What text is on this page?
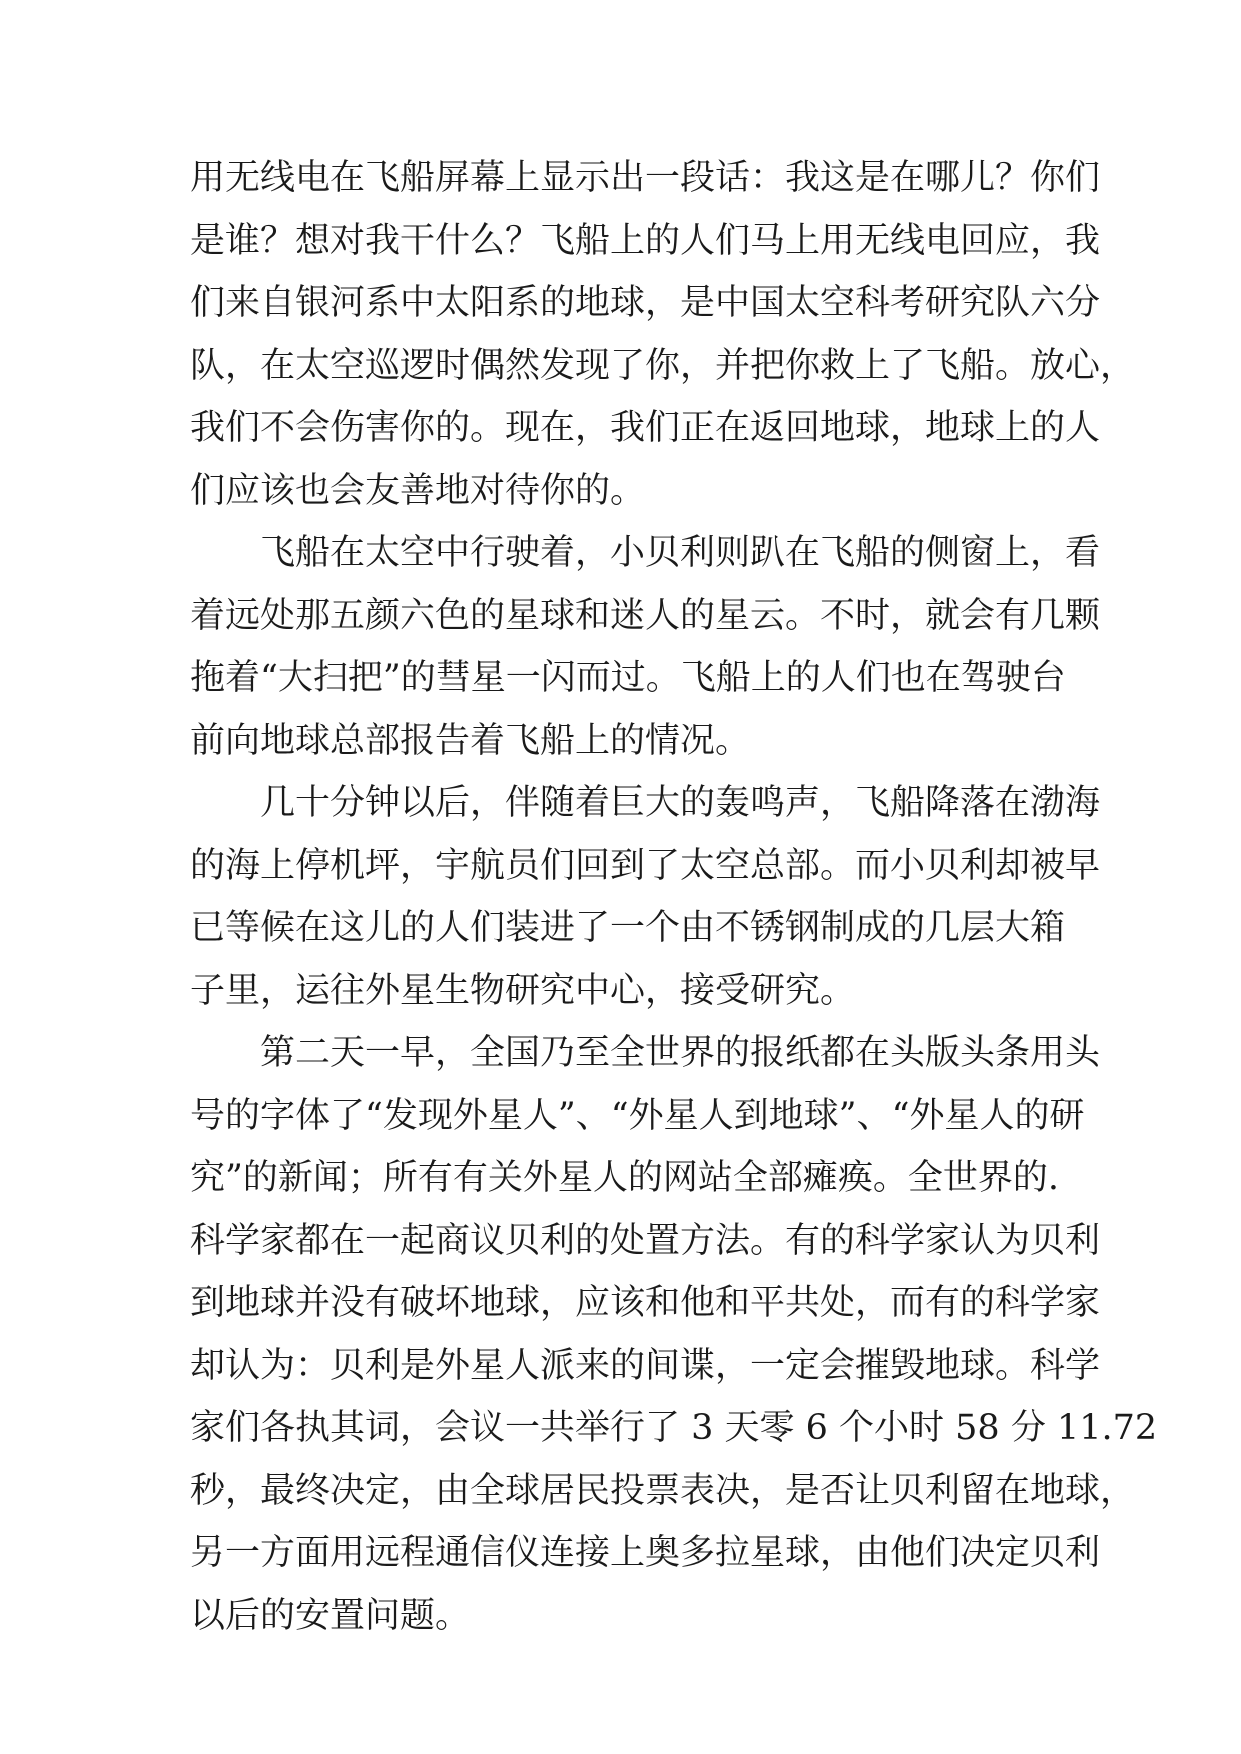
用无线电在飞船屏幕上显示出一段话：我这是在哪儿？你们
是谁？想对我干什么？飞船上的人们马上用无线电回应，我
们来自银河系中太阳系的地球，是中国太空科考研究队六分
队，在太空巡逻时偶然发现了你，并把你救上了飞船。放心，
我们不会伤害你的。现在，我们正在返回地球，地球上的人
们应该也会友善地对待你的。
飞船在太空中行驶着，小贝利则趴在飞船的侧窗上，看
着远处那五颜六色的星球和迷人的星云。不时，就会有几颗
拖着“大扫把”的彗星一闪而过。飞船上的人们也在驾驶台
前向地球总部报告着飞船上的情况。
几十分钟以后，伴随着巨大的轰鸣声，飞船降落在渤海
的海上停机坪，宇航员们回到了太空总部。而小贝利却被早
已等候在这儿的人们装进了一个由不锈钢制成的几层大箱
子里，运往外星生物研究中心，接受研究。
第二天一早，全国乃至全世界的报纸都在头版头条用头
号的字体了“发现外星人”、“外星人到地球”、“外星人的研
究”的新闻；所有有关外星人的网站全部瘫痪。全世界的.
科学家都在一起商议贝利的处置方法。有的科学家认为贝利
到地球并没有破坏地球，应该和他和平共处，而有的科学家
却认为：贝利是外星人派来的间谍，一定会摧毁地球。科学
家们各执其词，会议一共举行了 3 天零 6 个小时 58 分 11.72
秒，最终决定，由全球居民投票表决，是否让贝利留在地球，
另一方面用远程通信仪连接上奥多拉星球，由他们决定贝利
以后的安置问题。
